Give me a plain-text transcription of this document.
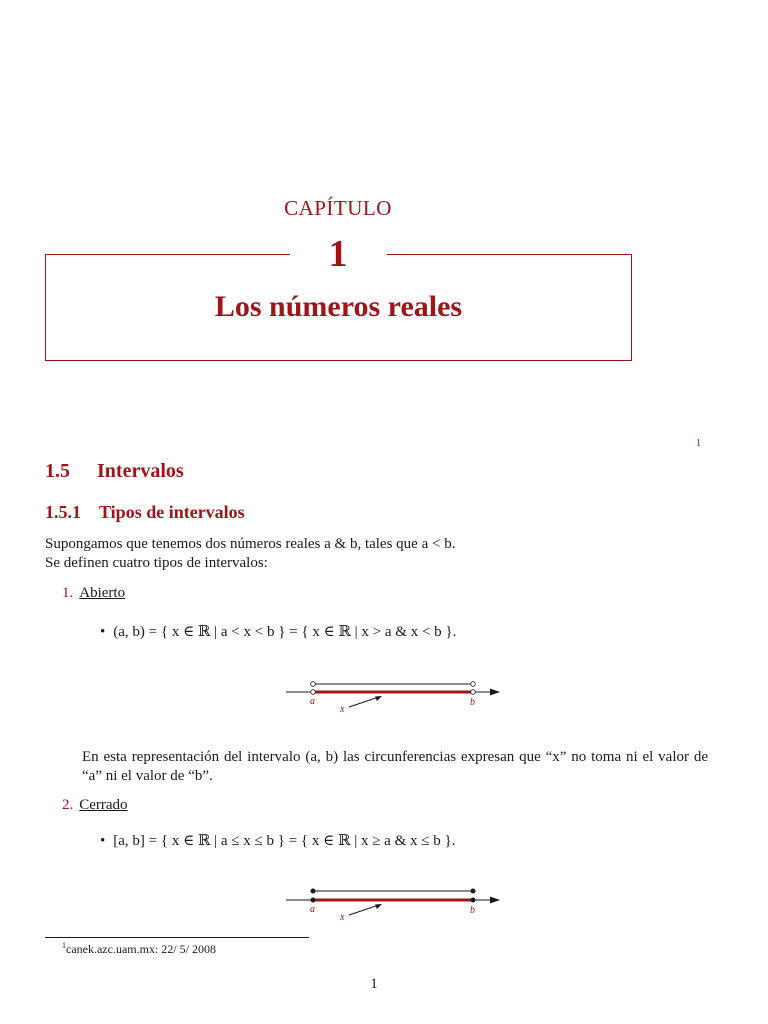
CAPÍTULO
1
Los números reales
1
1.5 Intervalos
1.5.1 Tipos de intervalos
Supongamos que tenemos dos números reales a & b, tales que a < b.
Se definen cuatro tipos de intervalos:
1. Abierto
• (a, b) = { x ∈ ℝ | a < x < b } = { x ∈ ℝ | x > a & x < b }.
a	b
x
En esta representación del intervalo (a, b) las circunferencias expresan que “x” no toma ni el valor de “a” ni el valor de “b”.
2. Cerrado
• [a, b] = { x ∈ ℝ | a ≤ x ≤ b } = { x ∈ ℝ | x ≥ a & x ≤ b }.
a	b
x
$^1$canek.azc.uam.mx: 22/ 5/ 2008
1
